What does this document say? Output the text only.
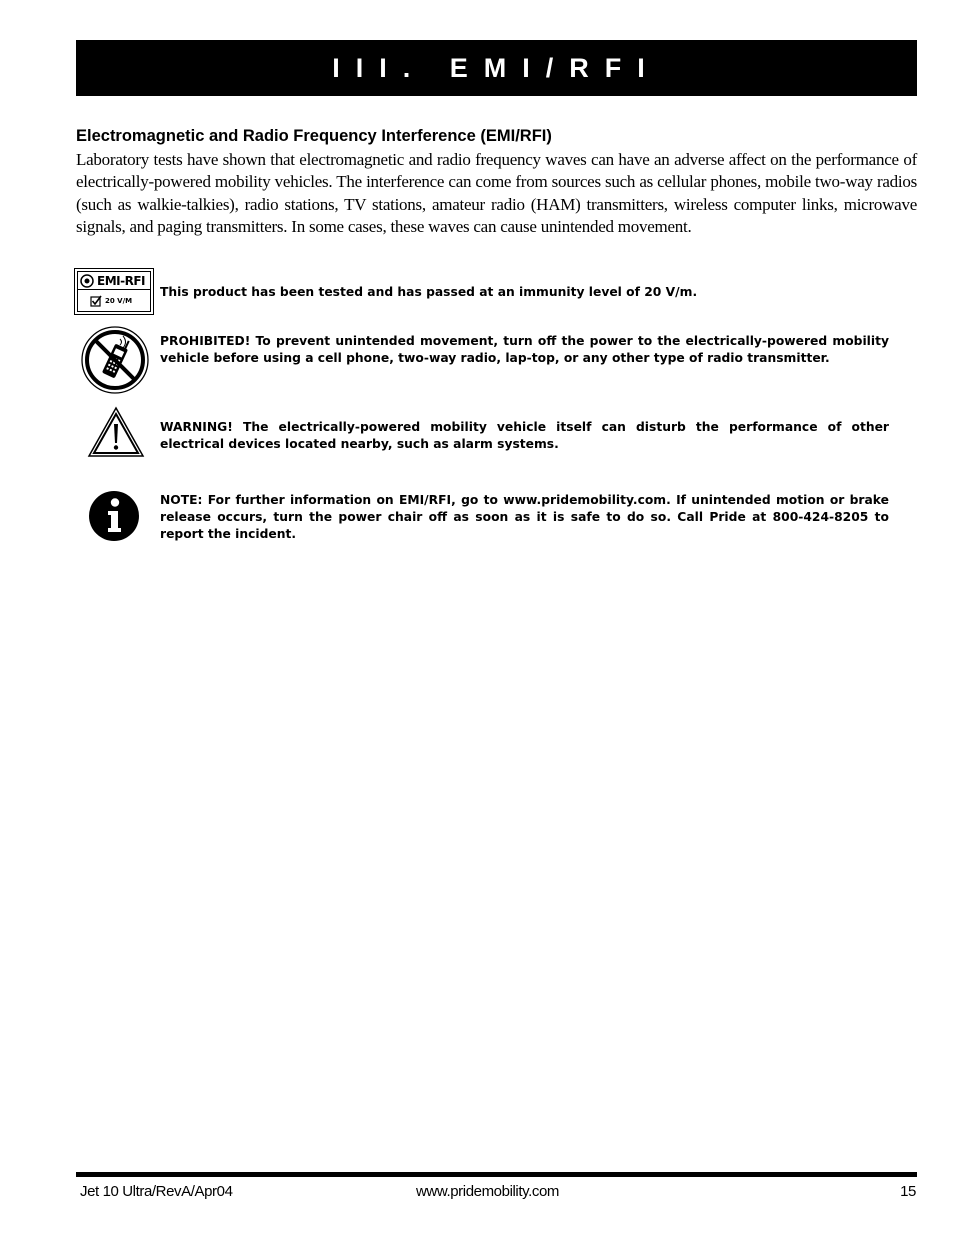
III. EMI/RFI
Electromagnetic and Radio Frequency Interference (EMI/RFI)
Laboratory tests have shown that electromagnetic and radio frequency waves can have an adverse affect on the performance of electrically-powered mobility vehicles. The interference can come from sources such as cellular phones, mobile two-way radios (such as walkie-talkies), radio stations, TV stations, amateur radio (HAM) transmitters, wireless computer links, microwave signals, and paging transmitters. In some cases, these waves can cause unintended movement.
EMI-RFI
20 V/M
This product has been tested and has passed at an immunity level of 20 V/m.
PROHIBITED! To prevent unintended movement, turn off the power to the electrically-powered mobility vehicle before using a cell phone, two-way radio, lap-top, or any other type of radio transmitter.
WARNING! The electrically-powered mobility vehicle itself can disturb the performance of other electrical devices located nearby, such as alarm systems.
NOTE: For further information on EMI/RFI, go to www.pridemobility.com. If unintended motion or brake release occurs, turn the power chair off as soon as it is safe to do so. Call Pride at 800-424-8205 to report the incident.
Jet 10 Ultra/RevA/Apr04	www.pridemobility.com	15
